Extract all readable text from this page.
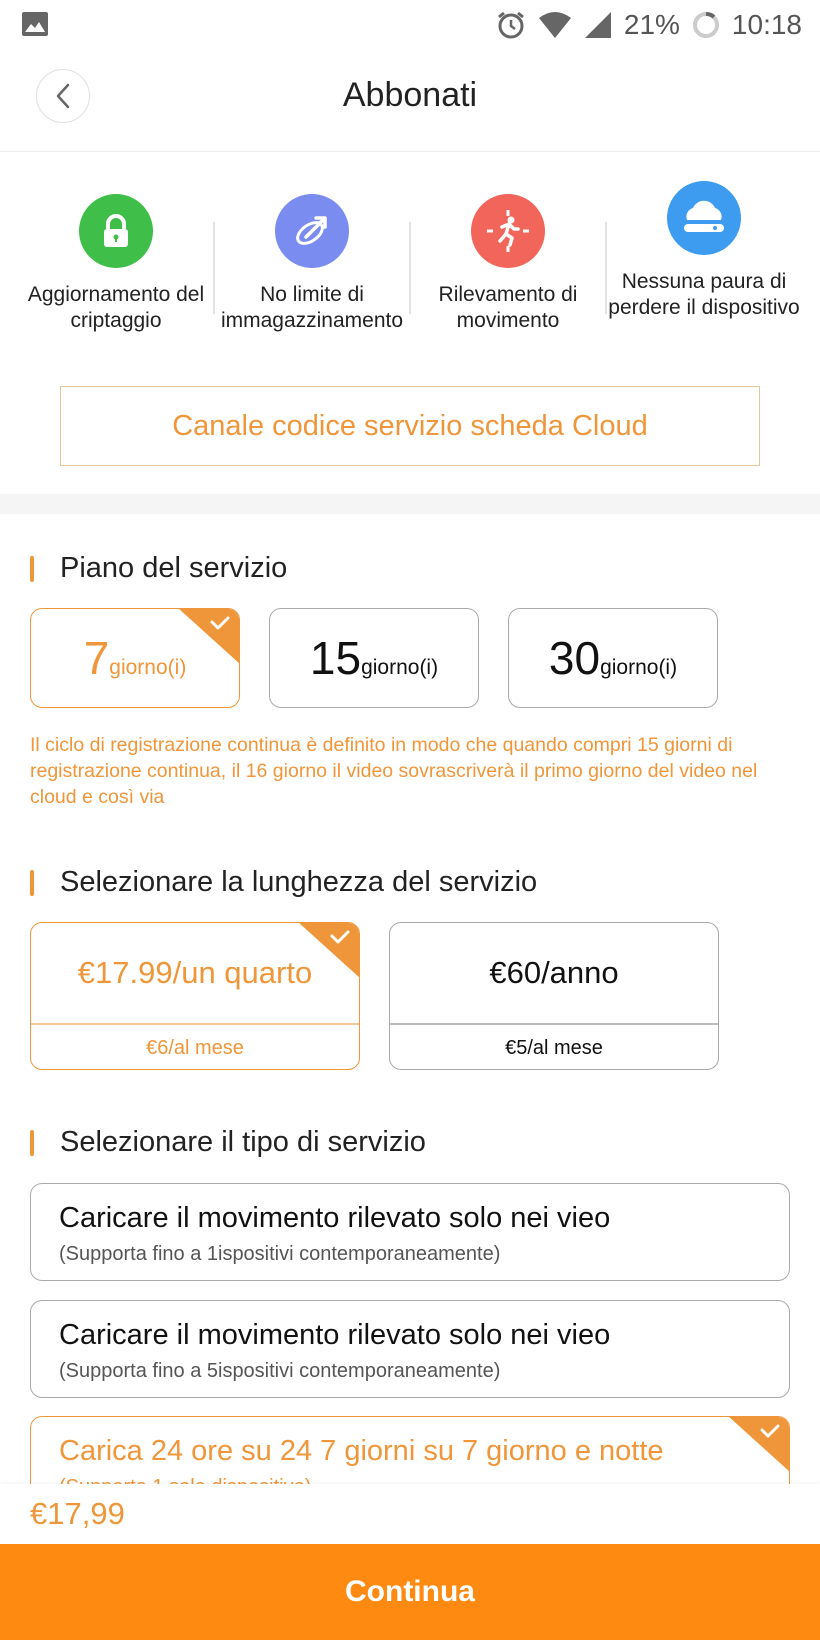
21% 10:18
Abbonati
Aggiornamento del criptaggio
No limite di immagazzinamento
Rilevamento di movimento
Nessuna paura di perdere il dispositivo
Canale codice servizio scheda Cloud
Piano del servizio
7 giorno(i)	15 giorno(i) 30 giorno(i)
Il ciclo di registrazione continua è definito in modo che quando compri 15 giorni di registrazione continua, il 16 giorno il video sovrascriverà il primo giorno del video nel cloud e così via
Selezionare la lunghezza del servizio
€17.99/un quarto
€6/al mese
€60/anno
€5/al mese
Selezionare il tipo di servizio
Caricare il movimento rilevato solo nei vieo
(Supporta fino a 1ispositivi contemporaneamente)
Caricare il movimento rilevato solo nei vieo
(Supporta fino a 5ispositivi contemporaneamente)
Carica 24 ore su 24 7 giorni su 7 giorno e notte
€17,99
Continua
